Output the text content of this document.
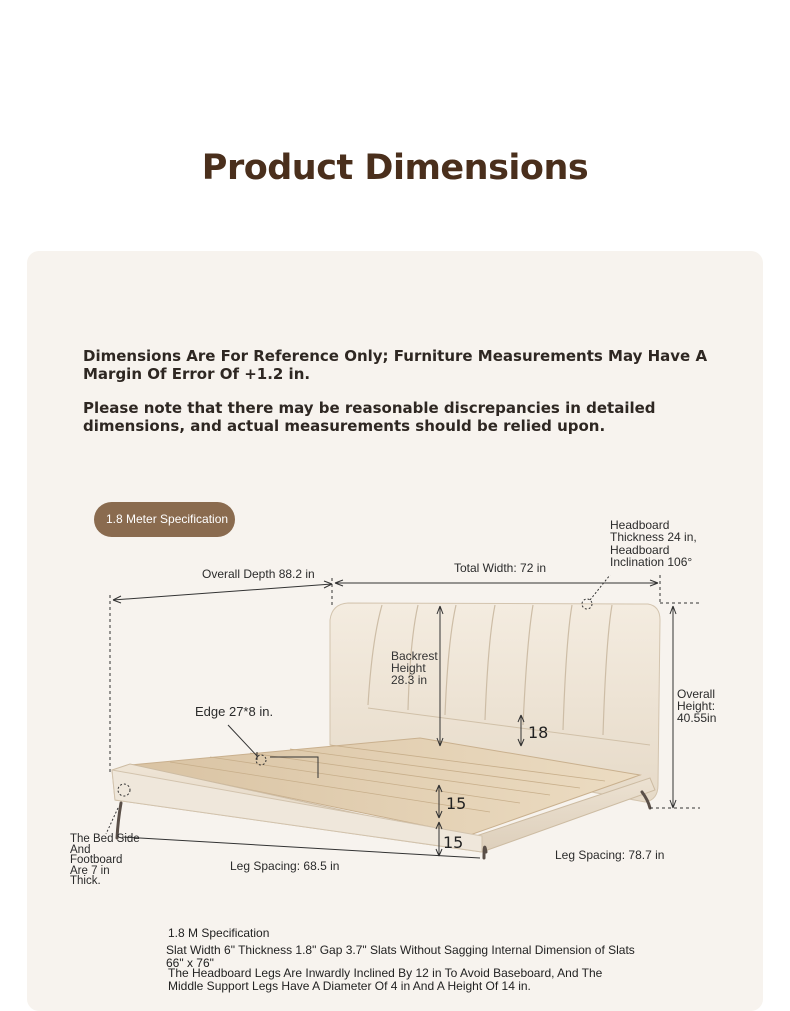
Product Dimensions
Dimensions Are For Reference Only; Furniture Measurements May Have A Margin Of Error Of +1.2 in.
Please note that there may be reasonable discrepancies in detailed dimensions, and actual measurements should be relied upon.
1.8 Meter Specification
Overall Depth 88.2 in	Total Width: 72 in
Headboard Thickness 24 in,
Headboard Inclination 106°
Backrest Height 28.3 in
Overall Height: 40.55in
Edge 27*8 in.
18
15
15
The Bed Side And Footboard Are 7 in Thick.
Leg Spacing: 68.5 in
Leg Spacing: 78.7 in
1.8 M Specification
Slat Width 6" Thickness 1.8" Gap 3.7" Slats Without Sagging Internal Dimension of Slats 66" x 76"
The Headboard Legs Are Inwardly Inclined By 12 in To Avoid Baseboard, And The Middle Support Legs Have A Diameter Of 4 in And A Height Of 14 in.
